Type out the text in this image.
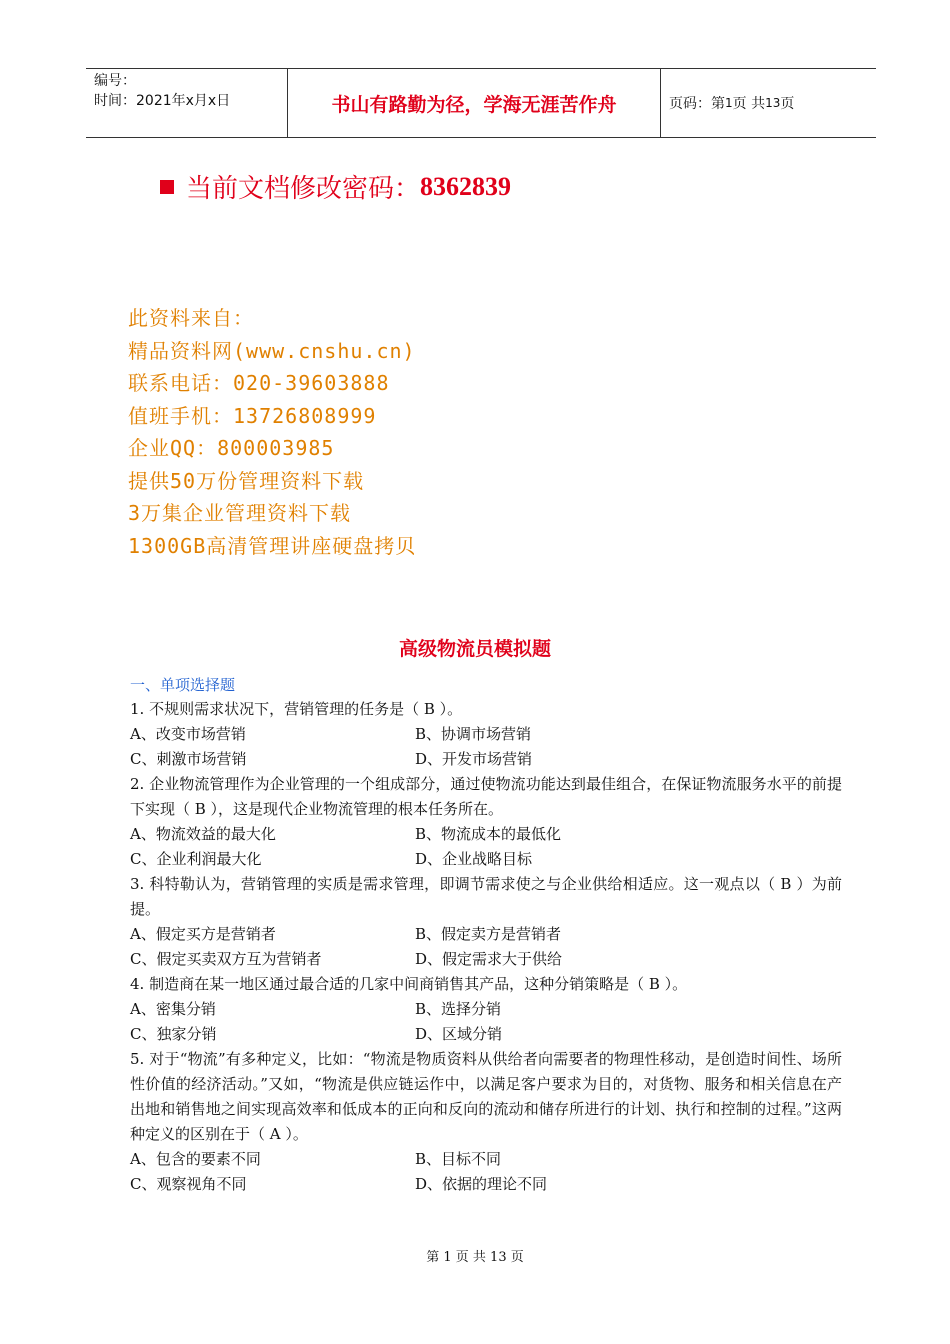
编号：
时间：2021年x月x日	书山有路勤为径，学海无涯苦作舟	页码：第 1 页 共 13 页
当前文档修改密码： 8362839
此资料来自：
精品资料网(www.cnshu.cn)
联系电话：020-39603888
值班手机：13726808999
企业QQ：800003985
提供50万份管理资料下载
3万集企业管理资料下载
1300GB高清管理讲座硬盘拷贝
高级物流员模拟题
一、单项选择题
1. 不规则需求状况下，营销管理的任务是（ B ）。
A、改变市场营销	B、协调市场营销
C、刺激市场营销	D、开发市场营销
2. 企业物流管理作为企业管理的一个组成部分，通过使物流功能达到最佳组合，在保证物流服务水平的前提下实现（ B ），这是现代企业物流管理的根本任务所在。
A、物流效益的最大化	B、物流成本的最低化
C、企业利润最大化	D、企业战略目标
3. 科特勒认为，营销管理的实质是需求管理，即调节需求使之与企业供给相适应。这一观点以（ B ）为前提。
A、假定买方是营销者	B、假定卖方是营销者
C、假定买卖双方互为营销者	D、假定需求大于供给
4. 制造商在某一地区通过最合适的几家中间商销售其产品，这种分销策略是（ B ）。
A、密集分销	B、选择分销
C、独家分销	D、区域分销
5. 对于“物流”有多种定义，比如：“物流是物质资料从供给者向需要者的物理性移动，是创造时间性、场所性价值的经济活动。”又如，“物流是供应链运作中，以满足客户要求为目的，对货物、服务和相关信息在产出地和销售地之间实现高效率和低成本的正向和反向的流动和储存所进行的计划、执行和控制的过程。”这两种定义的区别在于（ A ）。
A、包含的要素不同	B、目标不同
C、观察视角不同	D、依据的理论不同
第 1 页 共 13 页
